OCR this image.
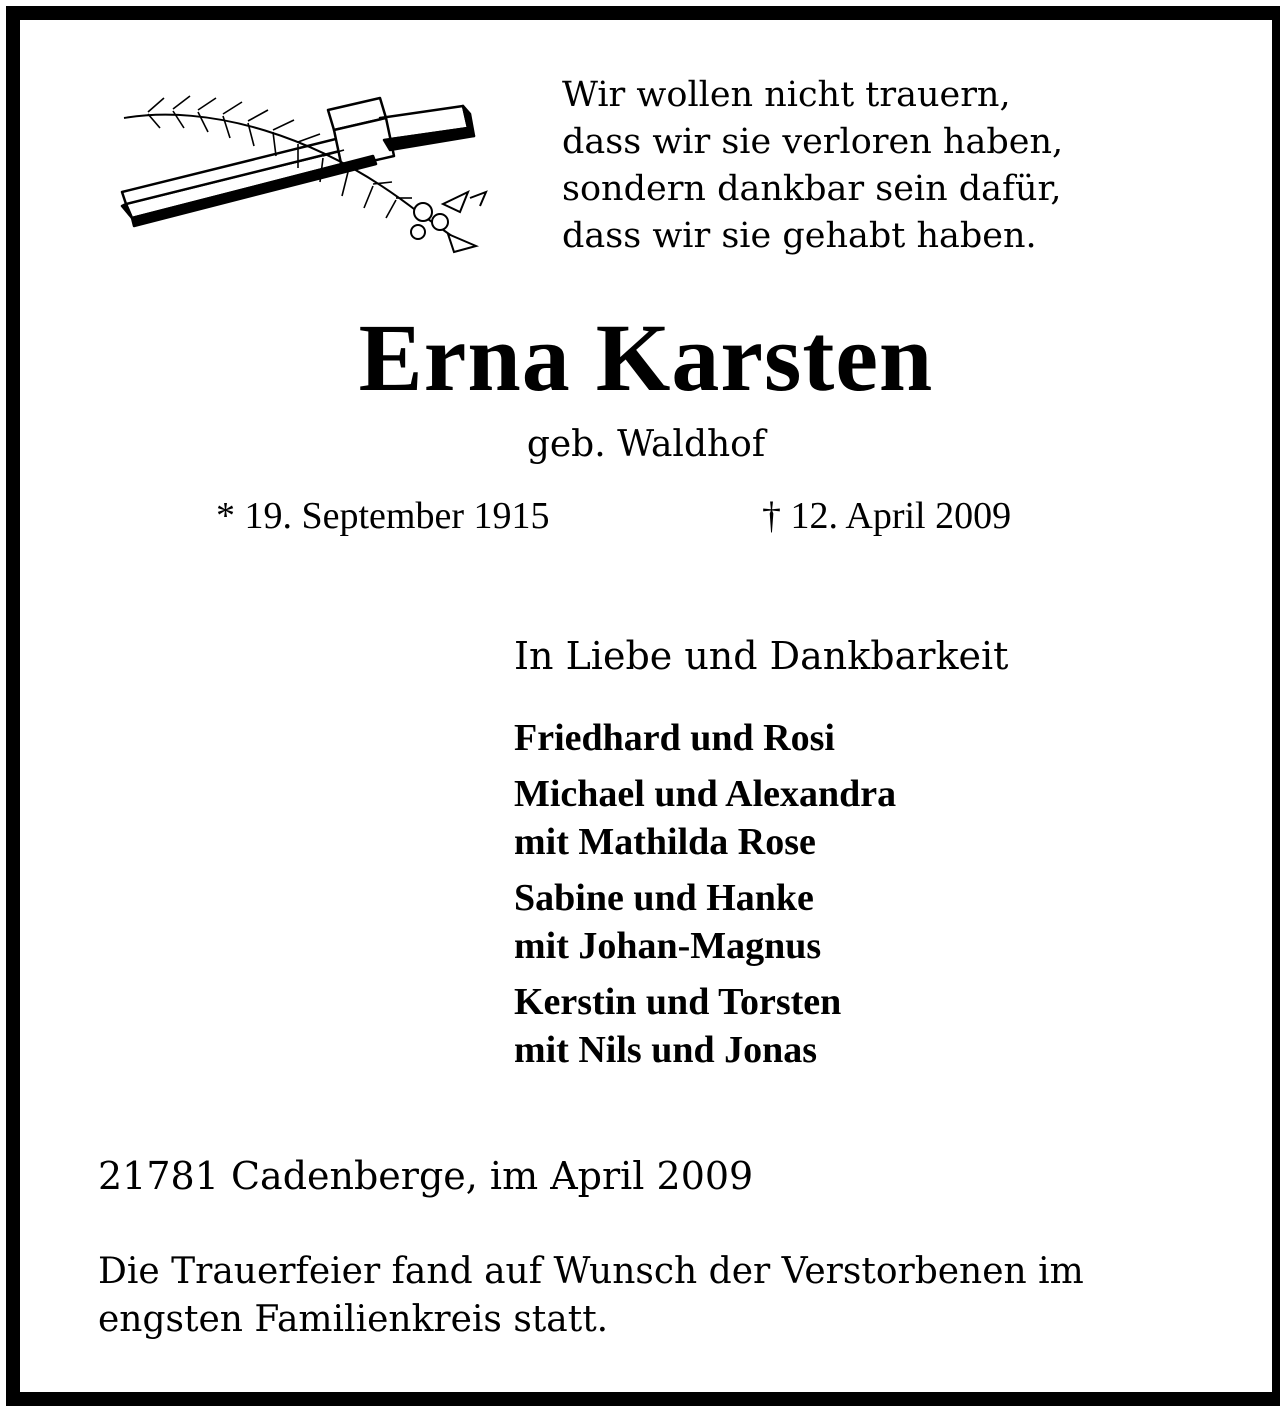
Wir wollen nicht trauern,
dass wir sie verloren haben,
sondern dankbar sein dafür,
dass wir sie gehabt haben.
Erna Karsten
geb. Waldhof
* 19. September 1915	† 12. April 2009
In Liebe und Dankbarkeit
Friedhard und Rosi
Michael und Alexandra
mit Mathilda Rose
Sabine und Hanke
mit Johan-Magnus
Kerstin und Torsten
mit Nils und Jonas
21781 Cadenberge, im April 2009
Die Trauerfeier fand auf Wunsch der Verstorbenen im
engsten Familienkreis statt.
